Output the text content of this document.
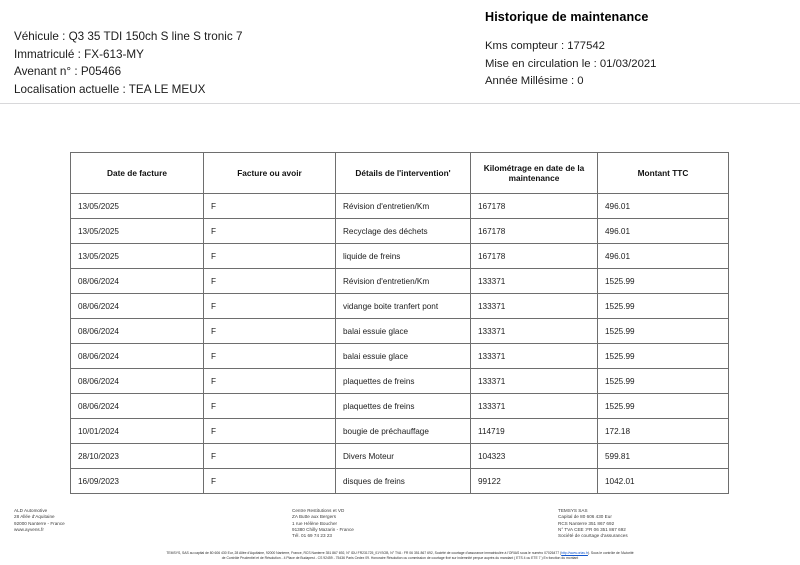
Véhicule : Q3 35 TDI 150ch S line S tronic 7
Immatriculé : FX-613-MY
Avenant n° : P05466
Localisation actuelle : TEA LE MEUX
Historique de maintenance
Kms compteur : 177542
Mise en circulation le : 01/03/2021
Année Millésime : 0
Date de facture	Facture ou avoir	Détails de l'intervention'	Kilométrage en date de la maintenance	Montant TTC
13/05/2025	F	Révision d'entretien/Km	167178	496.01
13/05/2025	F	Recyclage des déchets	167178	496.01
13/05/2025	F	liquide de freins	167178	496.01
08/06/2024	F	Révision d'entretien/Km	133371	1525.99
08/06/2024	F	vidange boite tranfert pont	133371	1525.99
08/06/2024	F	balai essuie glace	133371	1525.99
08/06/2024	F	balai essuie glace	133371	1525.99
08/06/2024	F	plaquettes de freins	133371	1525.99
08/06/2024	F	plaquettes de freins	133371	1525.99
10/01/2024	F	bougie de préchauffage	114719	172.18
28/10/2023	F	Divers Moteur	104323	599.81
16/09/2023	F	disques de freins	99122	1042.01
ALD Automotive
28 Allée d'Aquitaine
92000 Nanterre - France
www.ayvens.fr
Centre Restitutions et VD
ZA Butte aux Bergers
1 rue Hélène Boucher
91380 Chilly Mazarin - France
Tél. 01 69 74 23 23
TEMSYS SAS
Capital de 80 606 430 Eur
RCS Nanterre 351 867 692
N° TVA CEE :FR 06 351 867 692
Société de courtage d'assurances
TEMSYS, SAS au capital de 80 606 430 Eur, 28 Allée d'Aquitaine, 92000 Nanterre, France, RCS Nanterre 351 867 692, N° IDU FR231725_01YSOB, N° TVA : FR 06 351 867 692, Société de courtage d'assurance immatriculée à l'ORIAS sous le numéro 07026477 (http://www.orias.fr). Sous le contrôle de l'Autorité
de Contrôle Prudentiel et de Résolution - 4 Place de Budapest - CS 92459 - 75436 Paris Cedex 09. Honoraire Résolution ou commission de courtage fixé sur indemnité perçue auprès du mandant ( ETS 4 ou ETE 7 ) En fonction du montant
